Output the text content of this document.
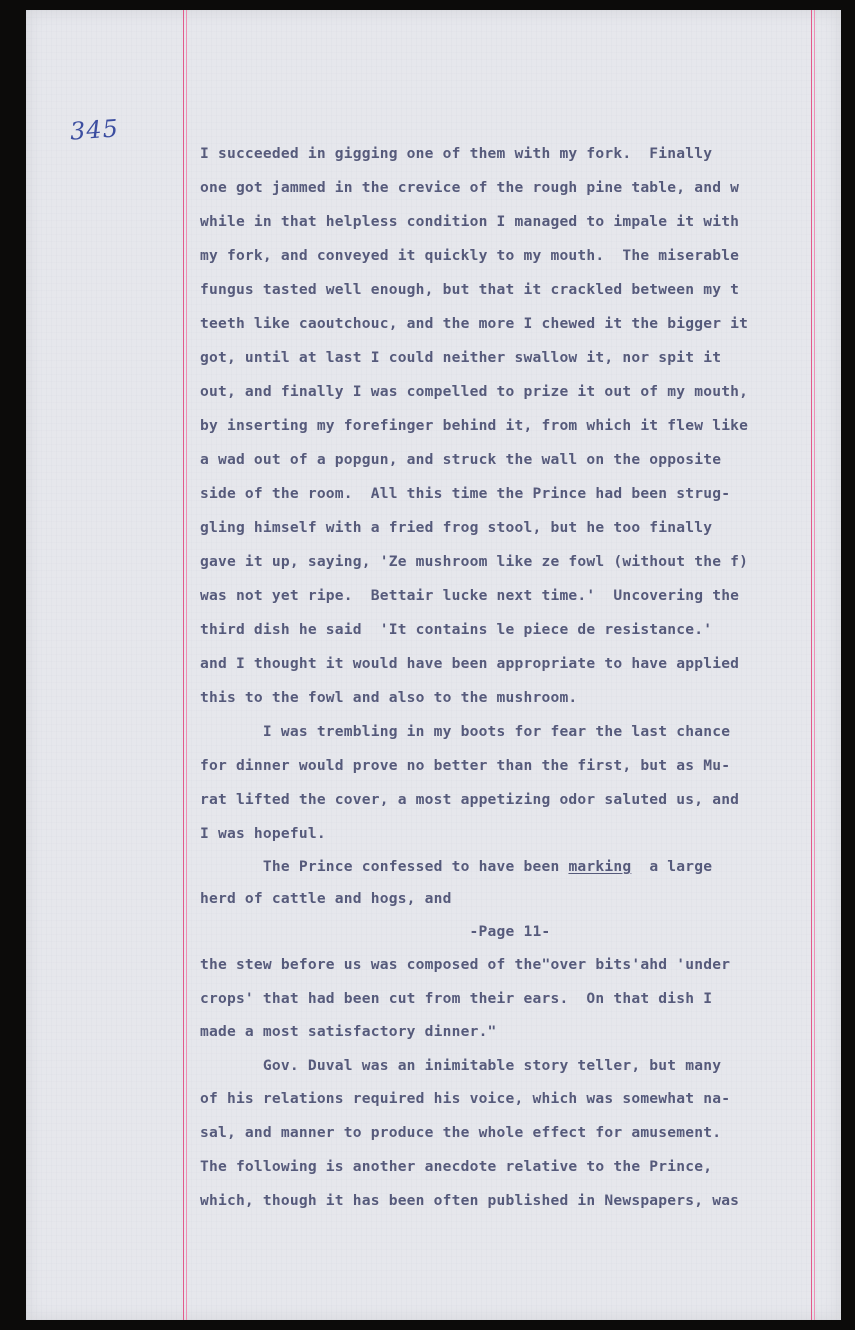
345
I succeeded in gigging one of them with my fork.  Finally
one got jammed in the crevice of the rough pine table, and w
while in that helpless condition I managed to impale it with
my fork, and conveyed it quickly to my mouth.  The miserable
fungus tasted well enough, but that it crackled between my t
teeth like caoutchouc, and the more I chewed it the bigger it
got, until at last I could neither swallow it, nor spit it
out, and finally I was compelled to prize it out of my mouth,
by inserting my forefinger behind it, from which it flew like
a wad out of a popgun, and struck the wall on the opposite
side of the room.  All this time the Prince had been strug-
gling himself with a fried frog stool, but he too finally
gave it up, saying, 'Ze mushroom like ze fowl (without the f)
was not yet ripe.  Bettair lucke next time.'  Uncovering the
third dish he said  'It contains le piece de resistance.'
and I thought it would have been appropriate to have applied
this to the fowl and also to the mushroom.
I was trembling in my boots for fear the last chance
for dinner would prove no better than the first, but as Mu-
rat lifted the cover, a most appetizing odor saluted us, and
I was hopeful.
The Prince confessed to have been marking  a large
herd of cattle and hogs, and
-Page 11-
the stew before us was composed of the"over bits'ahd 'under
crops' that had been cut from their ears.  On that dish I
made a most satisfactory dinner."
Gov. Duval was an inimitable story teller, but many
of his relations required his voice, which was somewhat na-
sal, and manner to produce the whole effect for amusement.
The following is another anecdote relative to the Prince,
which, though it has been often published in Newspapers, was
